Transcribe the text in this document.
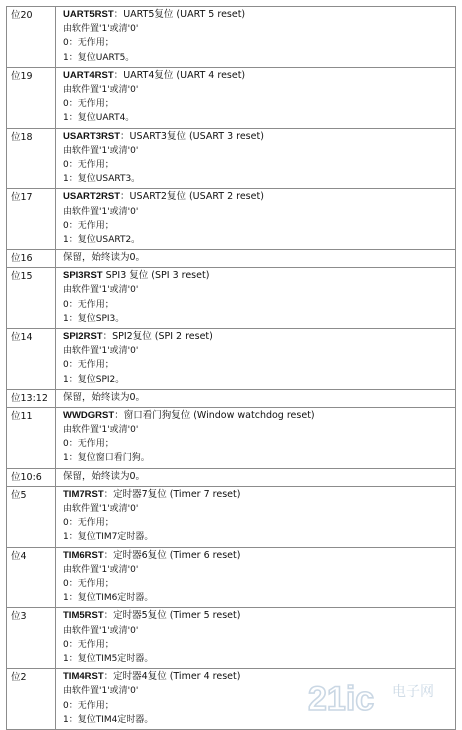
位20	UART5RST：UART5复位 (UART 5 reset)
由软件置'1'或清'0'
0：无作用；
1：复位UART5。

位19	UART4RST：UART4复位 (UART 4 reset)
由软件置'1'或清'0'
0：无作用；
1：复位UART4。

位18	USART3RST：USART3复位 (USART 3 reset)
由软件置'1'或清'0'
0：无作用；
1：复位USART3。

位17	USART2RST：USART2复位 (USART 2 reset)
由软件置'1'或清'0'
0：无作用；
1：复位USART2。

位16	保留，始终读为0。

位15	SPI3RST SPI3 复位 (SPI 3 reset)
由软件置'1'或清'0'
0：无作用；
1：复位SPI3。

位14	SPI2RST：SPI2复位 (SPI 2 reset)
由软件置'1'或清'0'
0：无作用；
1：复位SPI2。

位13:12	保留，始终读为0。

位11	WWDGRST：窗口看门狗复位 (Window watchdog reset)
由软件置'1'或清'0'
0：无作用；
1：复位窗口看门狗。

位10:6	保留，始终读为0。

位5	TIM7RST：定时器7复位 (Timer 7 reset)
由软件置'1'或清'0'
0：无作用；
1：复位TIM7定时器。

位4	TIM6RST：定时器6复位 (Timer 6 reset)
由软件置'1'或清'0'
0：无作用；
1：复位TIM6定时器。

位3	TIM5RST：定时器5复位 (Timer 5 reset)
由软件置'1'或清'0'
0：无作用；
1：复位TIM5定时器。

位2	TIM4RST：定时器4复位 (Timer 4 reset)
由软件置'1'或清'0'
0：无作用；
1：复位TIM4定时器。
21ic 电子网
